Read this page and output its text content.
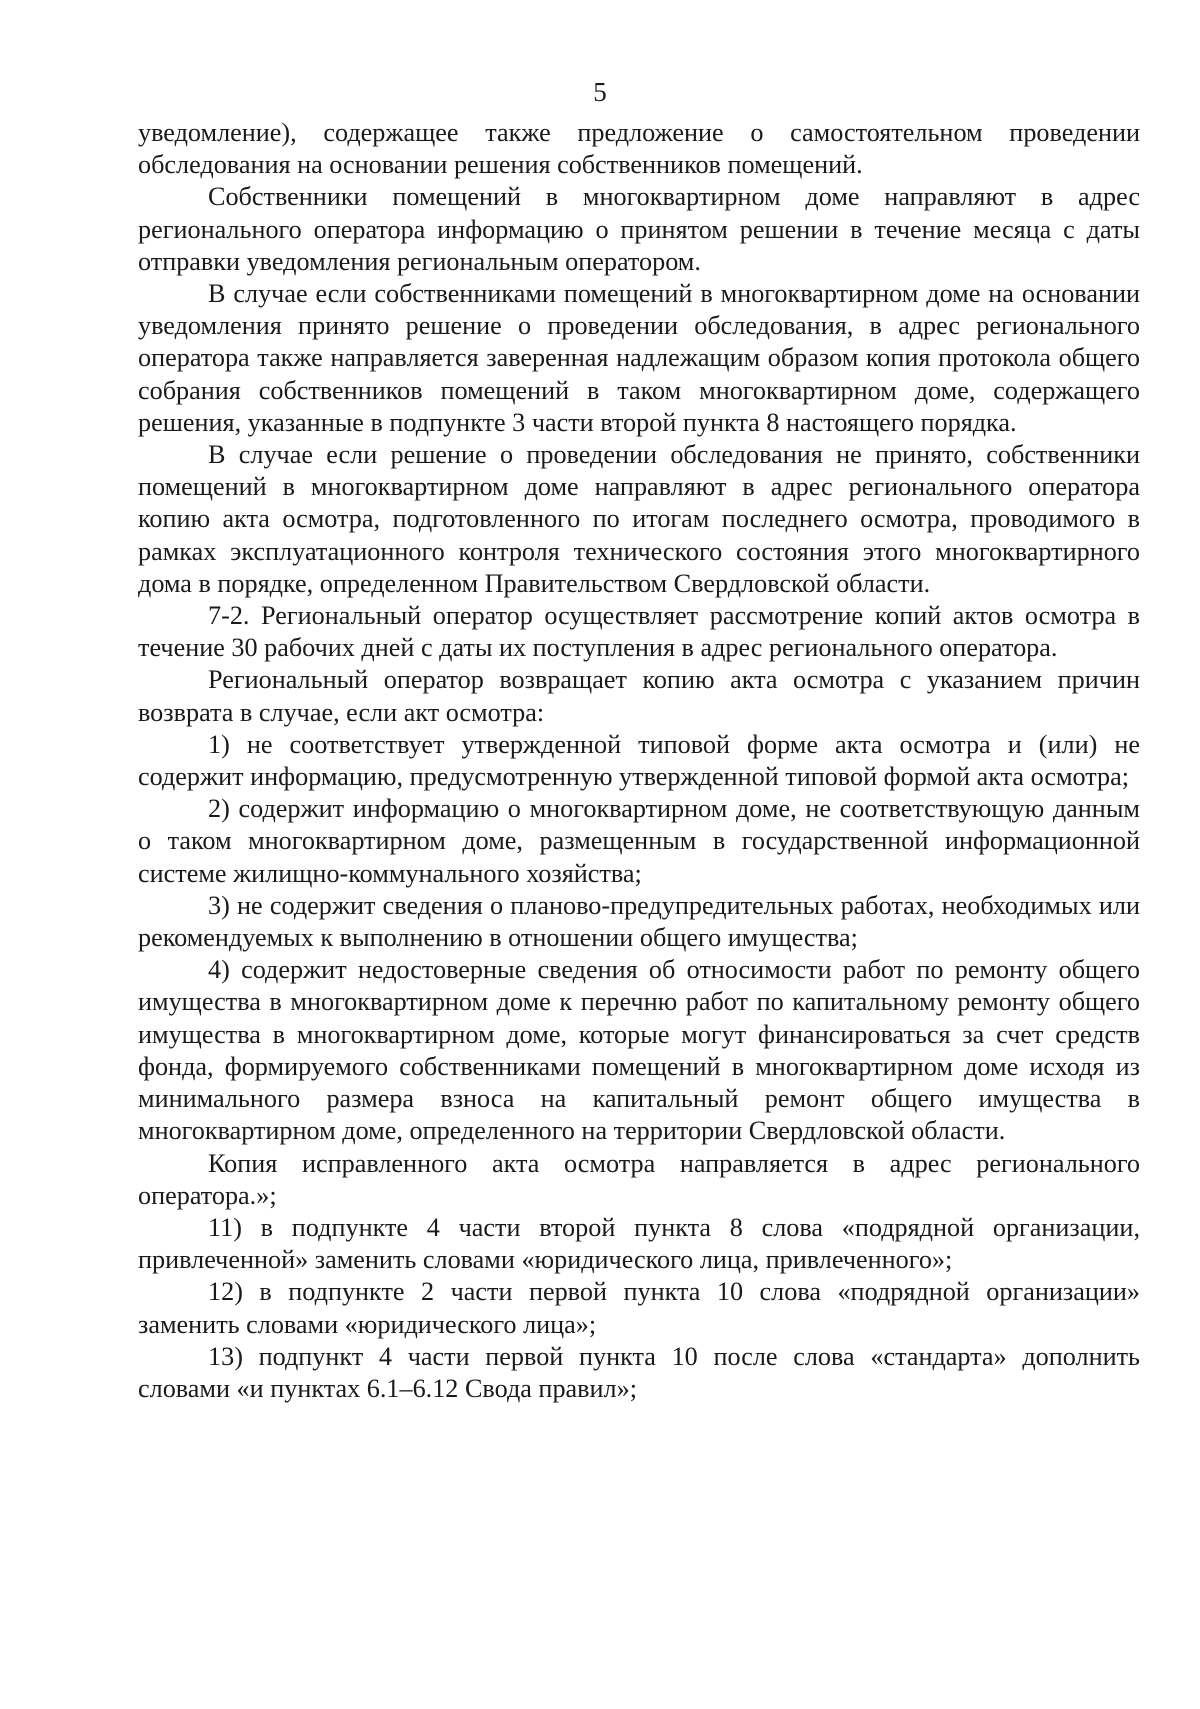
5

уведомление), содержащее также предложение о самостоятельном проведении обследования на основании решения собственников помещений.

Собственники помещений в многоквартирном доме направляют в адрес регионального оператора информацию о принятом решении в течение месяца с даты отправки уведомления региональным оператором.

В случае если собственниками помещений в многоквартирном доме на основании уведомления принято решение о проведении обследования, в адрес регионального оператора также направляется заверенная надлежащим образом копия протокола общего собрания собственников помещений в таком многоквартирном доме, содержащего решения, указанные в подпункте 3 части второй пункта 8 настоящего порядка.

В случае если решение о проведении обследования не принято, собственники помещений в многоквартирном доме направляют в адрес регионального оператора копию акта осмотра, подготовленного по итогам последнего осмотра, проводимого в рамках эксплуатационного контроля технического состояния этого многоквартирного дома в порядке, определенном Правительством Свердловской области.

7-2. Региональный оператор осуществляет рассмотрение копий актов осмотра в течение 30 рабочих дней с даты их поступления в адрес регионального оператора.

Региональный оператор возвращает копию акта осмотра с указанием причин возврата в случае, если акт осмотра:

1) не соответствует утвержденной типовой форме акта осмотра и (или) не содержит информацию, предусмотренную утвержденной типовой формой акта осмотра;

2) содержит информацию о многоквартирном доме, не соответствующую данным о таком многоквартирном доме, размещенным в государственной информационной системе жилищно-коммунального хозяйства;

3) не содержит сведения о планово-предупредительных работах, необходимых или рекомендуемых к выполнению в отношении общего имущества;

4) содержит недостоверные сведения об относимости работ по ремонту общего имущества в многоквартирном доме к перечню работ по капитальному ремонту общего имущества в многоквартирном доме, которые могут финансироваться за счет средств фонда, формируемого собственниками помещений в многоквартирном доме исходя из минимального размера взноса на капитальный ремонт общего имущества в многоквартирном доме, определенного на территории Свердловской области.

Копия исправленного акта осмотра направляется в адрес регионального оператора.»;

11) в подпункте 4 части второй пункта 8 слова «подрядной организации, привлеченной» заменить словами «юридического лица, привлеченного»;

12) в подпункте 2 части первой пункта 10 слова «подрядной организации» заменить словами «юридического лица»;

13) подпункт 4 части первой пункта 10 после слова «стандарта» дополнить словами «и пунктах 6.1–6.12 Свода правил»;
